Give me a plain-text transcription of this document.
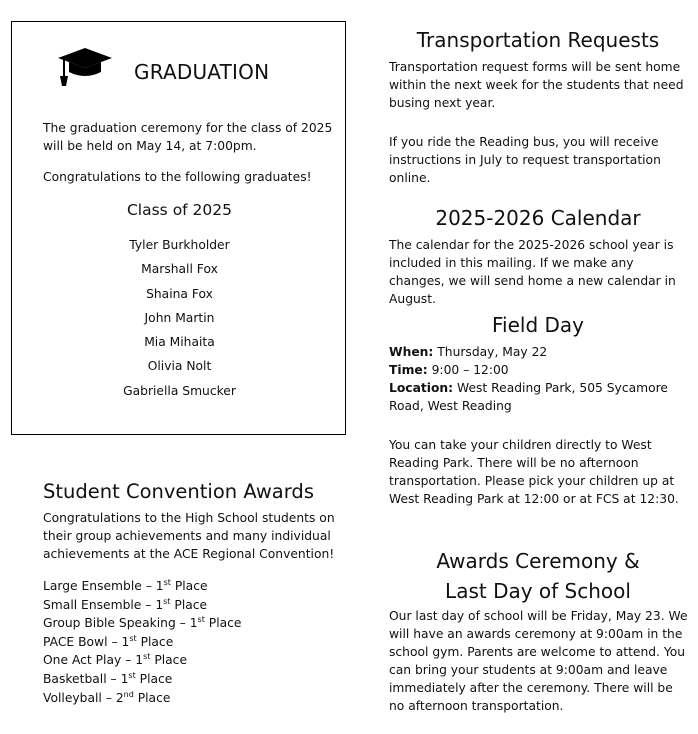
GRADUATION
The graduation ceremony for the class of 2025 will be held on May 14, at 7:00pm.
Congratulations to the following graduates!
Class of 2025
Tyler Burkholder
Marshall Fox
Shaina Fox
John Martin
Mia Mihaita
Olivia Nolt
Gabriella Smucker
Student Convention Awards
Congratulations to the High School students on their group achievements and many individual achievements at the ACE Regional Convention!
Large Ensemble – 1st Place
Small Ensemble – 1st Place
Group Bible Speaking – 1st Place
PACE Bowl – 1st Place
One Act Play – 1st Place
Basketball – 1st Place
Volleyball – 2nd Place
Transportation Requests
Transportation request forms will be sent home within the next week for the students that need busing next year.
If you ride the Reading bus, you will receive instructions in July to request transportation online.
2025-2026 Calendar
The calendar for the 2025-2026 school year is included in this mailing. If we make any changes, we will send home a new calendar in August.
Field Day
When: Thursday, May 22
Time: 9:00 – 12:00
Location: West Reading Park, 505 Sycamore Road, West Reading
You can take your children directly to West Reading Park. There will be no afternoon transportation. Please pick your children up at West Reading Park at 12:00 or at FCS at 12:30.
Awards Ceremony &
Last Day of School
Our last day of school will be Friday, May 23. We will have an awards ceremony at 9:00am in the school gym. Parents are welcome to attend. You can bring your students at 9:00am and leave immediately after the ceremony. There will be no afternoon transportation.
